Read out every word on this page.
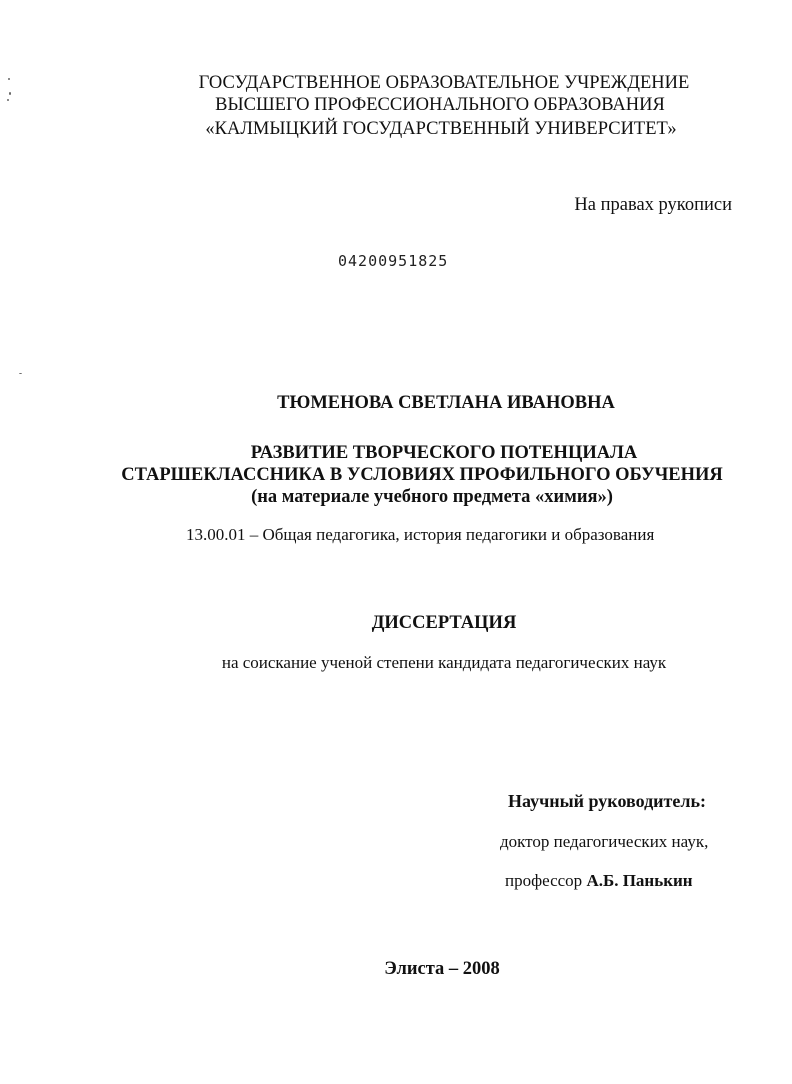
ГОСУДАРСТВЕННОЕ ОБРАЗОВАТЕЛЬНОЕ УЧРЕЖДЕНИЕ
ВЫСШЕГО ПРОФЕССИОНАЛЬНОГО ОБРАЗОВАНИЯ
«КАЛМЫЦКИЙ ГОСУДАРСТВЕННЫЙ УНИВЕРСИТЕТ»
На правах рукописи
04200951825
ТЮМЕНОВА СВЕТЛАНА ИВАНОВНА
РАЗВИТИЕ ТВОРЧЕСКОГО ПОТЕНЦИАЛА
СТАРШЕКЛАССНИКА В УСЛОВИЯХ ПРОФИЛЬНОГО ОБУЧЕНИЯ
(на материале учебного предмета «химия»)
13.00.01 – Общая педагогика, история педагогики и образования
ДИССЕРТАЦИЯ
на соискание ученой степени кандидата педагогических наук
Научный руководитель:
доктор педагогических наук,
профессор А.Б. Панькин
Элиста – 2008
